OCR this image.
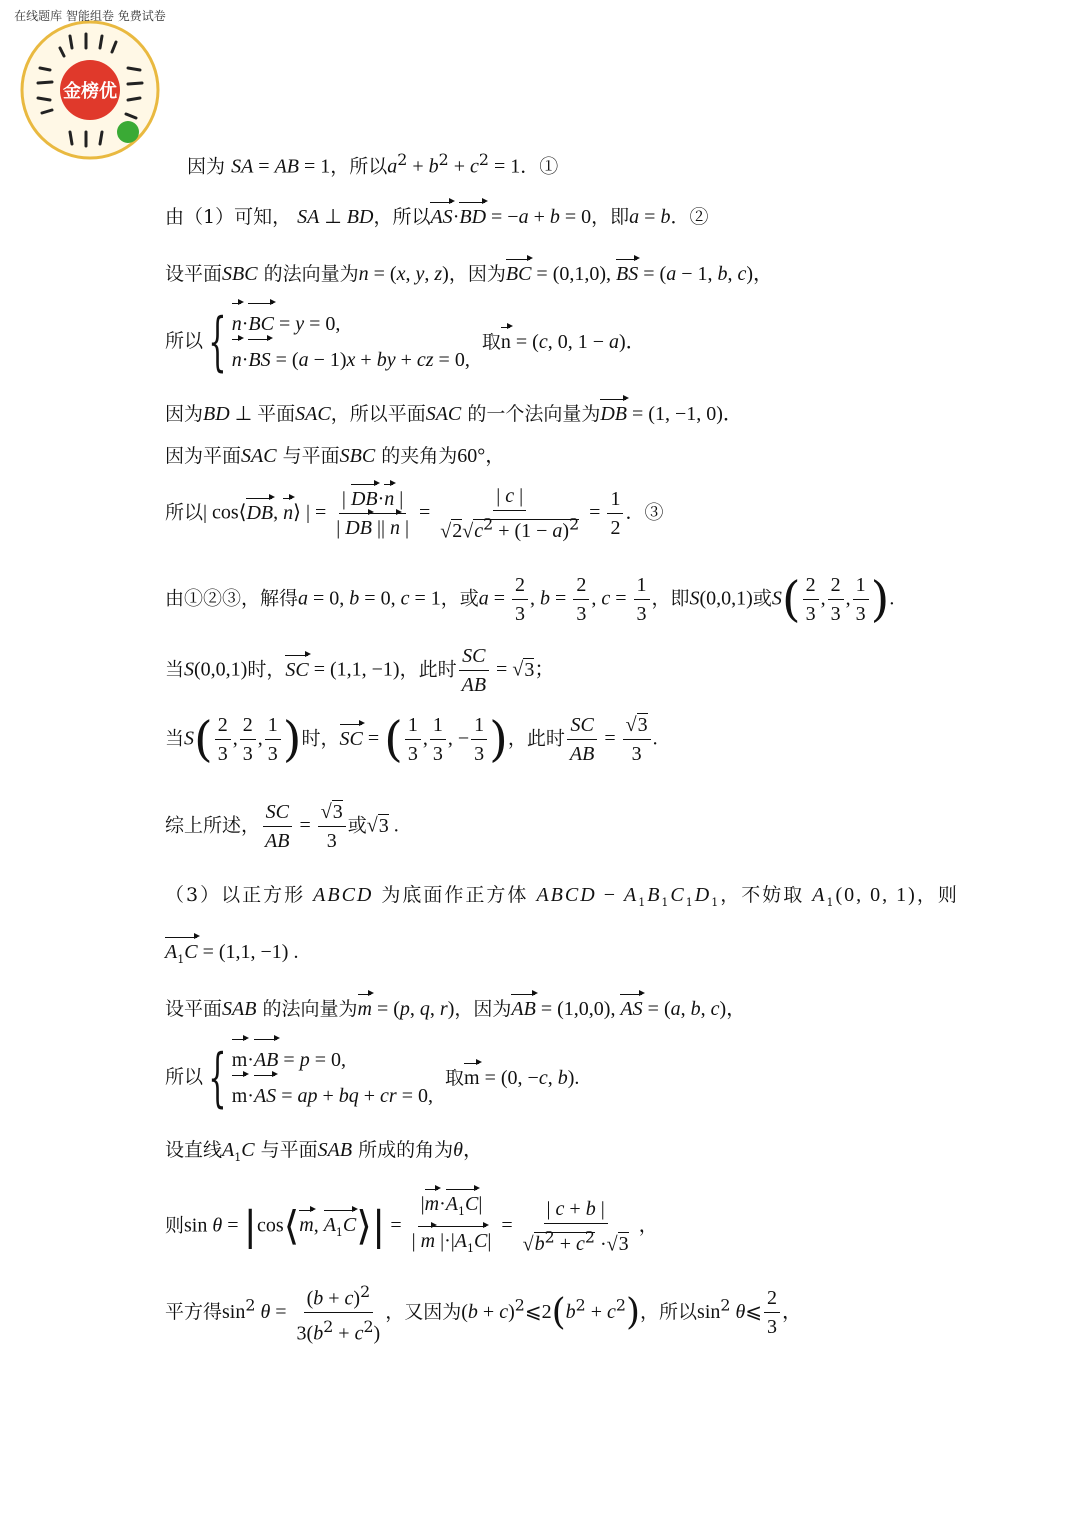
金榜优
在线题库 智能组卷 免费试卷
因为 SA = AB = 1，所以$a^2 + b^2 + c^2 = 1$．①
由（1）可知， SA ⊥ BD，所以AS·BD = −a + b = 0，即a = b．②
设平面SBC 的法向量为n = (x, y, z)，因为BC = (0,1,0), BS = (a − 1, b, c)，
所以{ n·BC = y = 0,
n·BS = (a − 1)x + by + cz = 0,
取n = (c, 0, 1 − a)．
因为BD ⊥ 平面SAC，所以平面SAC 的一个法向量为DB = (1, −1, 0)．
因为平面SAC 与平面SBC 的夹角为60°，
所以| cos⟨DB, n⟩ | = $\frac{| DB\cdot n |}{| DB || n |} = \frac{| c |}{√2√c^2 + (1 - a)^2} = \frac{1}{2}$ ．③
由①②③，解得a = 0, b = 0, c = 1，或$a = \frac{2}{3}$ , $b = \frac{2}{3}$ , $c = \frac{1}{3}$ ，即S(0,0,1)或$S( \frac{2}{3}$ , $\frac{2}{3}$ , $\frac{1}{3}$ ).
当S(0,0,1)时，SC = (1,1, −1)，此时 $\frac{SC}{AB} = √3$；
当$S( \frac{2}{3}$ , $\frac{2}{3}$ , $\frac{1}{3}$ )时，SC = ( $\frac{1}{3}$ , $\frac{1}{3}$ , − $\frac{1}{3}$ )，此时 $\frac{SC}{AB} = \frac{√3}{3}$ .
综上所述， $\frac{SC}{AB} = \frac{√3}{3}$ 或√3 .
（3）以正方形 ABCD 为底面作正方体 ABCD − $A_1B_1C_1D_1$，不妨取 $A_1(0$, 0, 1)，则
$A_1C = (1,1$, −1) .
设平面SAB 的法向量为m = (p, q, r)，因为AB = (1,0,0), AS = (a, b, c)，
所以{ m·AB = p = 0,
m·AS = ap + bq + cr = 0,
取m = (0, −c, b).
设直线$A_1C$ 与平面SAB 所成的角为θ，
则sin θ = |cos⟨m, $A_1C⟩| = \frac{|m\cdot A_1C|}{| m |\cdot|A_1C|} = \frac{| c + b |}{√b^2 + c^2 \cdot√3}$ ，
平方得$\sin^2 \theta = \frac{(b + c)^2}{3(b^2 + c^2)}$ ，又因为$(b + c)^2⩽2(b^2 + c^2)$，所以$\sin^2$ θ⩽ $\frac{2}{3}$ ，
